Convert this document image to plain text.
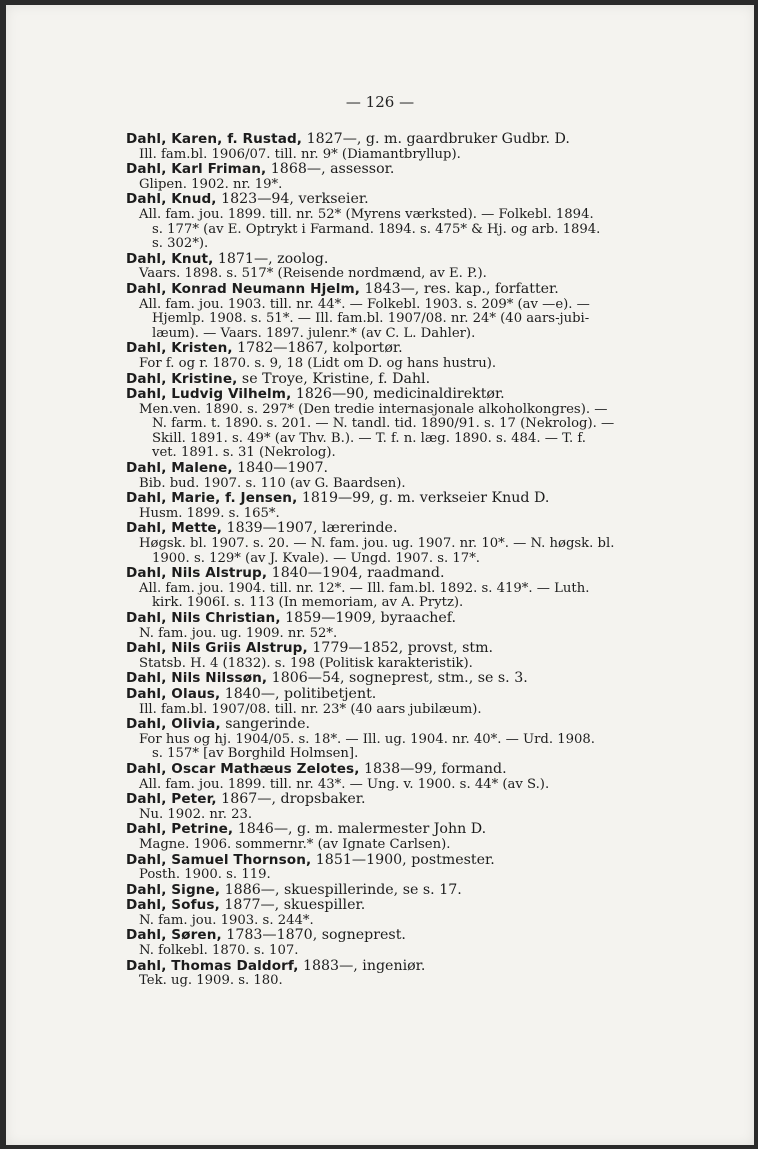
— 126 —
Dahl, Karen, f. Rustad, 1827—, g. m. gaardbruker Gudbr. D.
Ill. fam.bl. 1906/07. till. nr. 9* (Diamantbryllup).
Dahl, Karl Friman, 1868—, assessor.
Glipen. 1902. nr. 19*.
Dahl, Knud, 1823—94, verkseier.
All. fam. jou. 1899. till. nr. 52* (Myrens værksted). — Folkebl. 1894.
s. 177* (av E. Optrykt i Farmand. 1894. s. 475* & Hj. og arb. 1894.
s. 302*).
Dahl, Knut, 1871—, zoolog.
Vaars. 1898. s. 517* (Reisende nordmænd, av E. P.).
Dahl, Konrad Neumann Hjelm, 1843—, res. kap., forfatter.
All. fam. jou. 1903. till. nr. 44*. — Folkebl. 1903. s. 209* (av —e). —
Hjemlp. 1908. s. 51*. — Ill. fam.bl. 1907/08. nr. 24* (40 aars-jubi-
læum). — Vaars. 1897. julenr.* (av C. L. Dahler).
Dahl, Kristen, 1782—1867, kolportør.
For f. og r. 1870. s. 9, 18 (Lidt om D. og hans hustru).
Dahl, Kristine, se Troye, Kristine, f. Dahl.
Dahl, Ludvig Vilhelm, 1826—90, medicinaldirektør.
Men.ven. 1890. s. 297* (Den tredie internasjonale alkoholkongres). —
N. farm. t. 1890. s. 201. — N. tandl. tid. 1890/91. s. 17 (Nekrolog). —
Skill. 1891. s. 49* (av Thv. B.). — T. f. n. læg. 1890. s. 484. — T. f.
vet. 1891. s. 31 (Nekrolog).
Dahl, Malene, 1840—1907.
Bib. bud. 1907. s. 110 (av G. Baardsen).
Dahl, Marie, f. Jensen, 1819—99, g. m. verkseier Knud D.
Husm. 1899. s. 165*.
Dahl, Mette, 1839—1907, lærerinde.
Høgsk. bl. 1907. s. 20. — N. fam. jou. ug. 1907. nr. 10*. — N. høgsk. bl.
1900. s. 129* (av J. Kvale). — Ungd. 1907. s. 17*.
Dahl, Nils Alstrup, 1840—1904, raadmand.
All. fam. jou. 1904. till. nr. 12*. — Ill. fam.bl. 1892. s. 419*. — Luth.
kirk. 1906I. s. 113 (In memoriam, av A. Prytz).
Dahl, Nils Christian, 1859—1909, byraachef.
N. fam. jou. ug. 1909. nr. 52*.
Dahl, Nils Griis Alstrup, 1779—1852, provst, stm.
Statsb. H. 4 (1832). s. 198 (Politisk karakteristik).
Dahl, Nils Nilssøn, 1806—54, sogneprest, stm., se s. 3.
Dahl, Olaus, 1840—, politibetjent.
Ill. fam.bl. 1907/08. till. nr. 23* (40 aars jubilæum).
Dahl, Olivia, sangerinde.
For hus og hj. 1904/05. s. 18*. — Ill. ug. 1904. nr. 40*. — Urd. 1908.
s. 157* [av Borghild Holmsen].
Dahl, Oscar Mathæus Zelotes, 1838—99, formand.
All. fam. jou. 1899. till. nr. 43*. — Ung. v. 1900. s. 44* (av S.).
Dahl, Peter, 1867—, dropsbaker.
Nu. 1902. nr. 23.
Dahl, Petrine, 1846—, g. m. malermester John D.
Magne. 1906. sommernr.* (av Ignate Carlsen).
Dahl, Samuel Thornson, 1851—1900, postmester.
Posth. 1900. s. 119.
Dahl, Signe, 1886—, skuespillerinde, se s. 17.
Dahl, Sofus, 1877—, skuespiller.
N. fam. jou. 1903. s. 244*.
Dahl, Søren, 1783—1870, sogneprest.
N. folkebl. 1870. s. 107.
Dahl, Thomas Daldorf, 1883—, ingeniør.
Tek. ug. 1909. s. 180.
